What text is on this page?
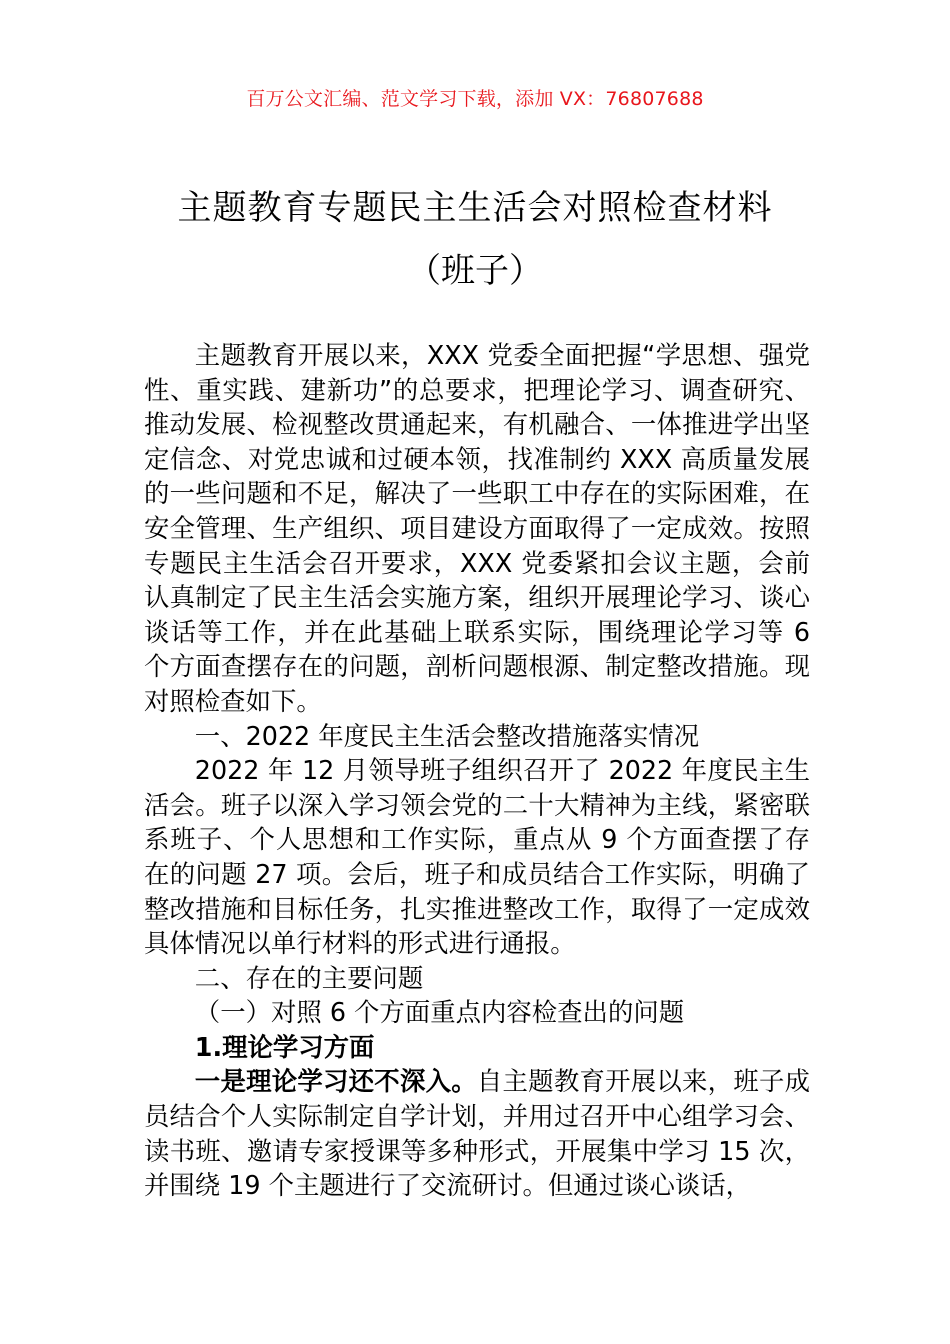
百万公文汇编、范文学习下载，添加 VX：76807688
主题教育专题民主生活会对照检查材料
（班子）

主题教育开展以来，XXX 党委全面把握“学思想、强党性、重实践、建新功”的总要求，把理论学习、调查研究、推动发展、检视整改贯通起来，有机融合、一体推进学出坚定信念、对党忠诚和过硬本领，找准制约 XXX 高质量发展的一些问题和不足，解决了一些职工中存在的实际困难，在安全管理、生产组织、项目建设方面取得了一定成效。按照专题民主生活会召开要求，XXX 党委紧扣会议主题，会前认真制定了民主生活会实施方案，组织开展理论学习、谈心谈话等工作，并在此基础上联系实际，围绕理论学习等 6 个方面查摆存在的问题，剖析问题根源、制定整改措施。现对照检查如下。

一、2022 年度民主生活会整改措施落实情况

2022 年 12 月领导班子组织召开了 2022 年度民主生活会。班子以深入学习领会党的二十大精神为主线，紧密联系班子、个人思想和工作实际，重点从 9 个方面查摆了存在的问题 27 项。会后，班子和成员结合工作实际，明确了整改措施和目标任务，扎实推进整改工作，取得了一定成效具体情况以单行材料的形式进行通报。

二、存在的主要问题

（一）对照 6 个方面重点内容检查出的问题

1.理论学习方面

一是理论学习还不深入。自主题教育开展以来，班子成员结合个人实际制定自学计划，并用过召开中心组学习会、读书班、邀请专家授课等多种形式，开展集中学习 15 次，并围绕 19 个主题进行了交流研讨。但通过谈心谈话，
